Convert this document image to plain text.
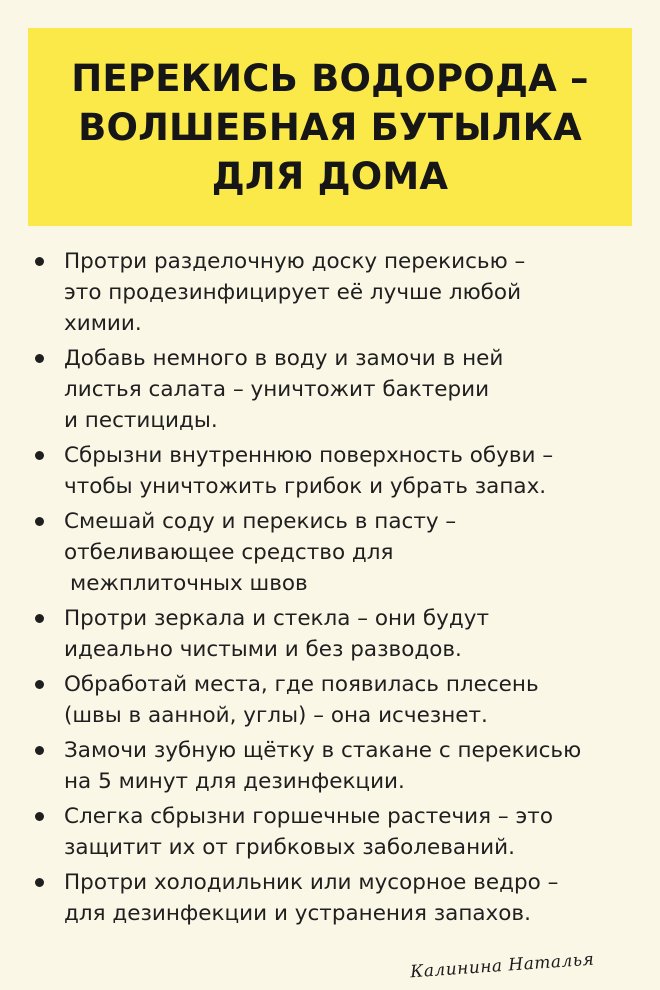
ПЕРЕКИСЬ ВОДОРОДА –
ВОЛШЕБНАЯ БУТЫЛКА
ДЛЯ ДОМА
Протри разделочную доску перекисью –
это продезинфицирует её лучше любой
химии.
Добавь немного в воду и замочи в ней
листья салата – уничтожит бактерии
и пестициды.
Сбрызни внутреннюю поверхность обуви –
чтобы уничтожить грибок и убрать запах.
Смешай соду и перекись в пасту –
отбеливающее средство для
межплиточных швов
Протри зеркала и стекла – они будут
идеально чистыми и без разводов.
Обработай места, где появилась плесень
(швы в аанной, углы) – она исчезнет.
Замочи зубную щётку в стакане с перекисью
на 5 минут для дезинфекции.
Слегка сбрызни горшечные растечия – это
защитит их от грибковых заболеваний.
Протри холодильник или мусорное ведро –
для дезинфекции и устранения запахов.
Калинина Наталья
